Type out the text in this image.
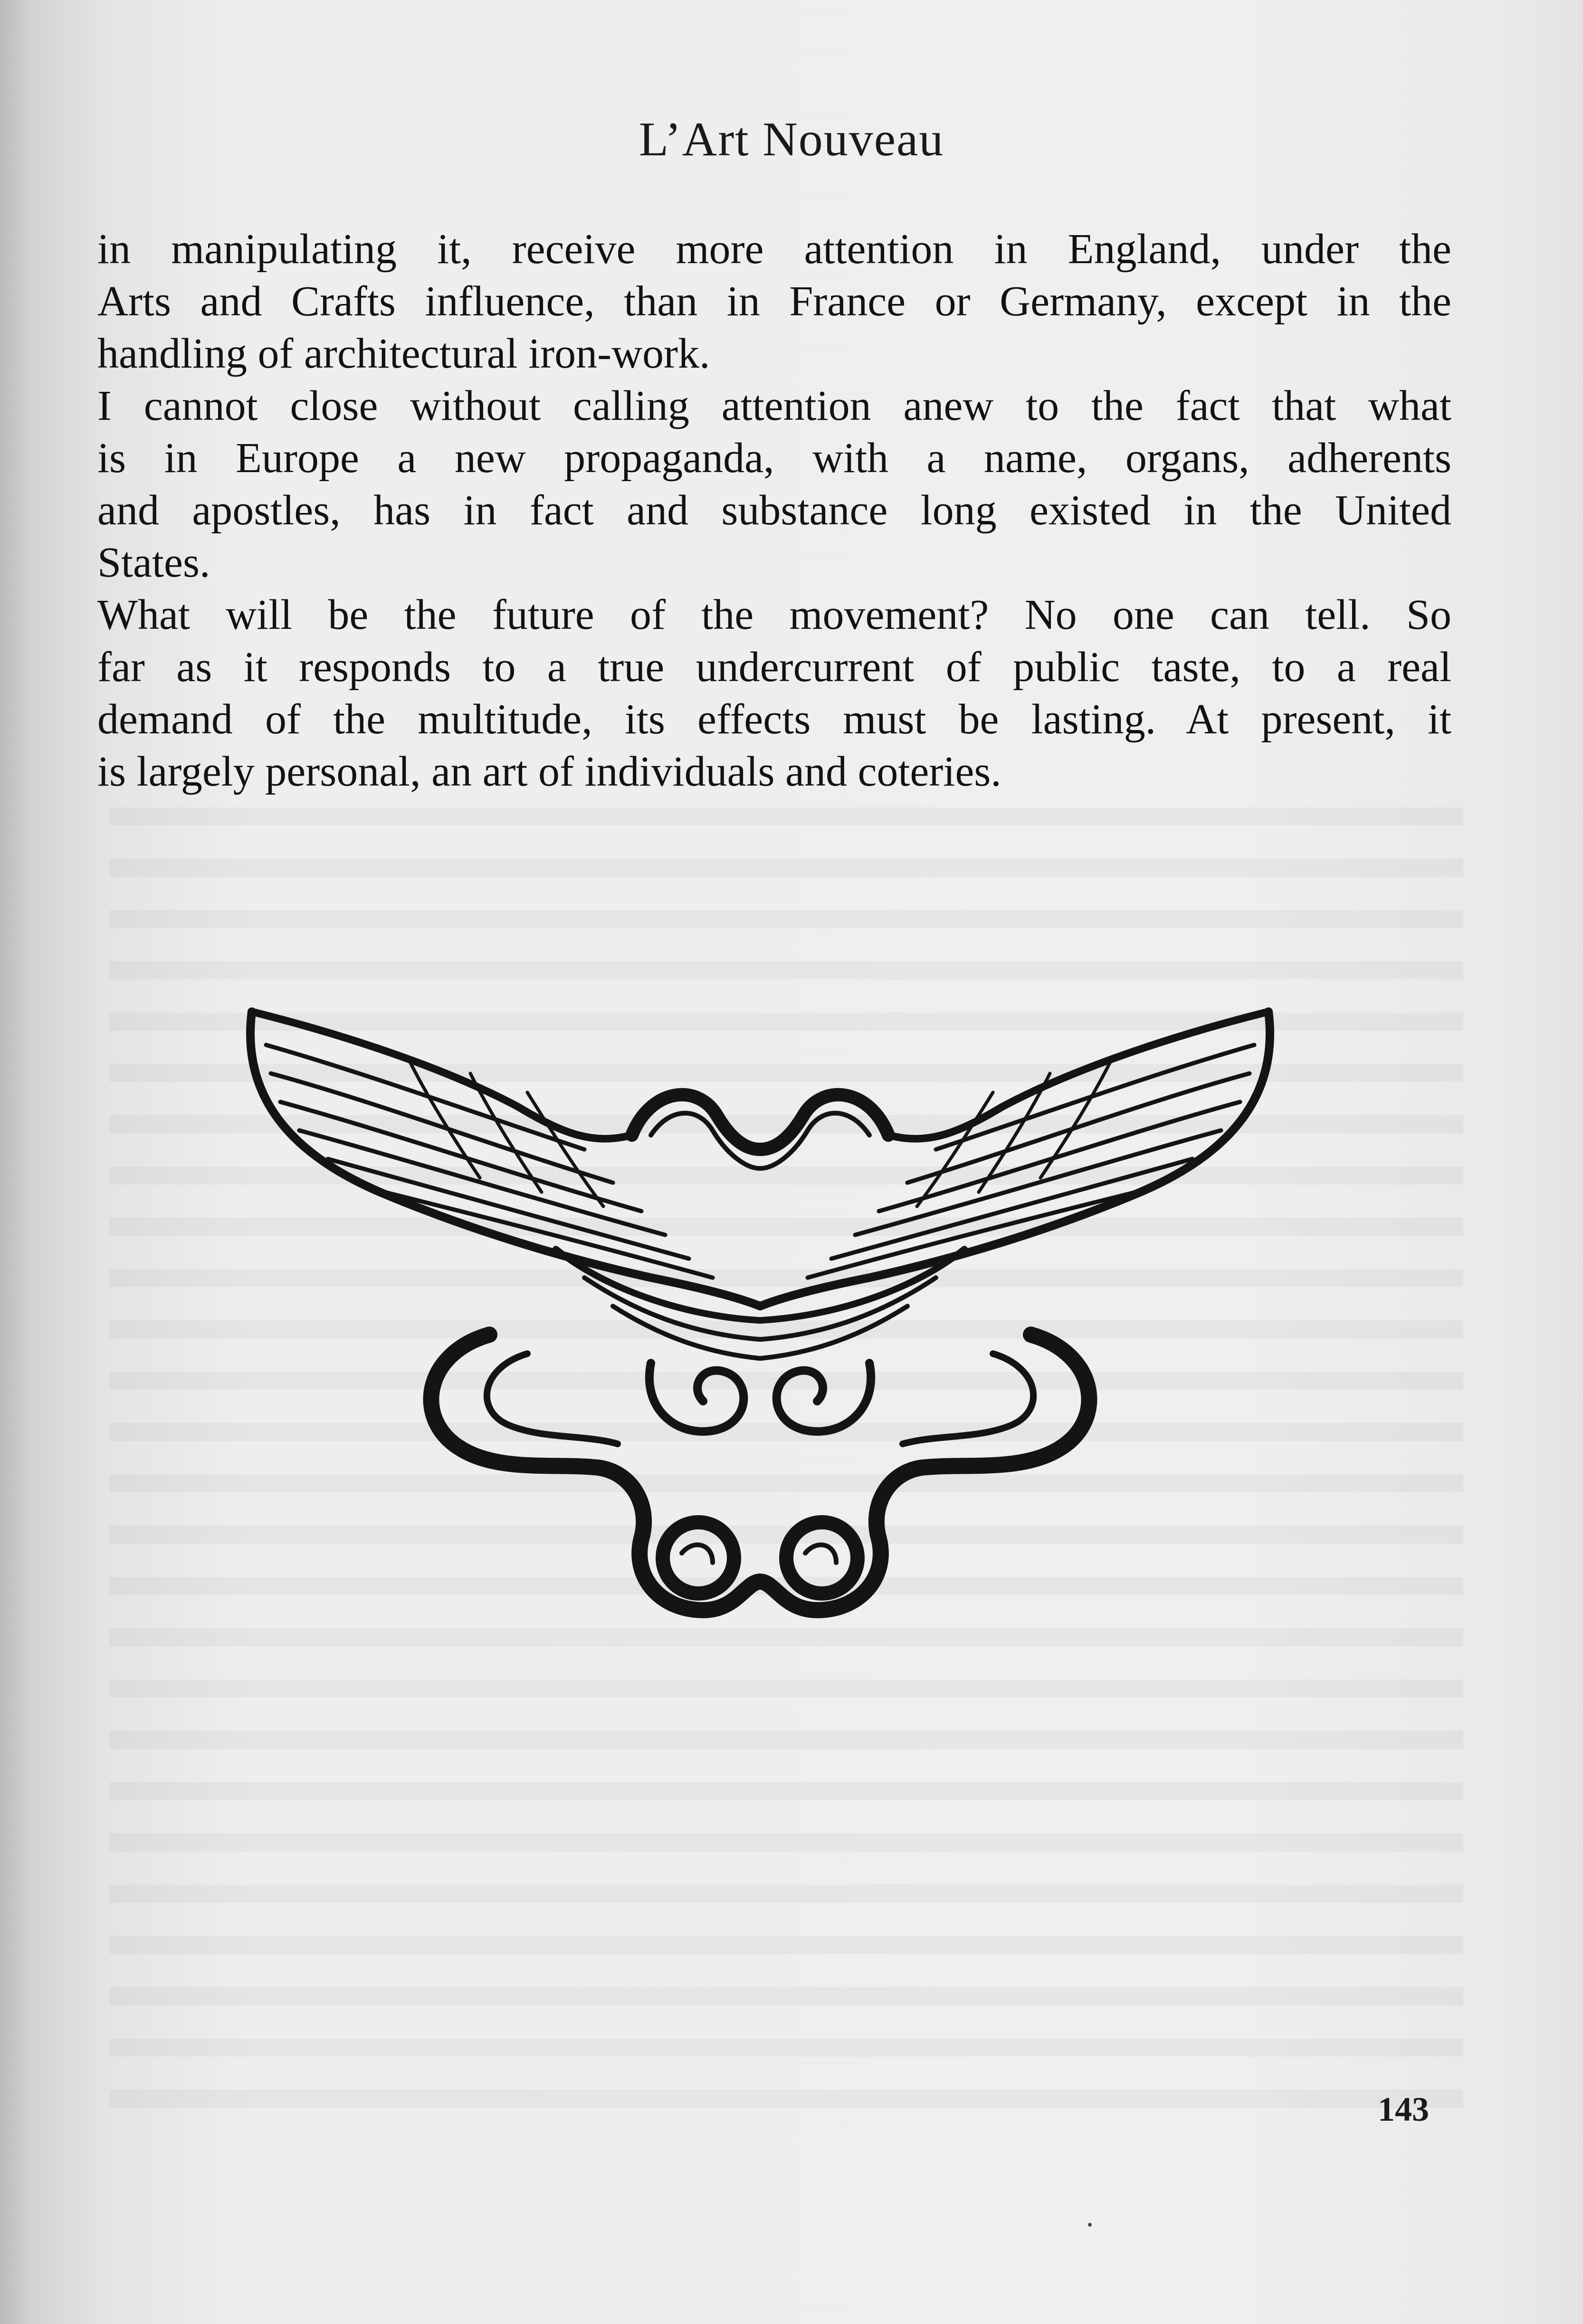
L’Art Nouveau
in manipulating it, receive more attention in England, under the
Arts and Crafts influence, than in France or Germany, except in the
handling of architectural iron-work.
I cannot close without calling attention anew to the fact that what
is in Europe a new propaganda, with a name, organs, adherents
and apostles, has in fact and substance long existed in the United
States.
What will be the future of the movement? No one can tell. So
far as it responds to a true undercurrent of public taste, to a real
demand of the multitude, its effects must be lasting. At present, it
is largely personal, an art of individuals and coteries.
143
